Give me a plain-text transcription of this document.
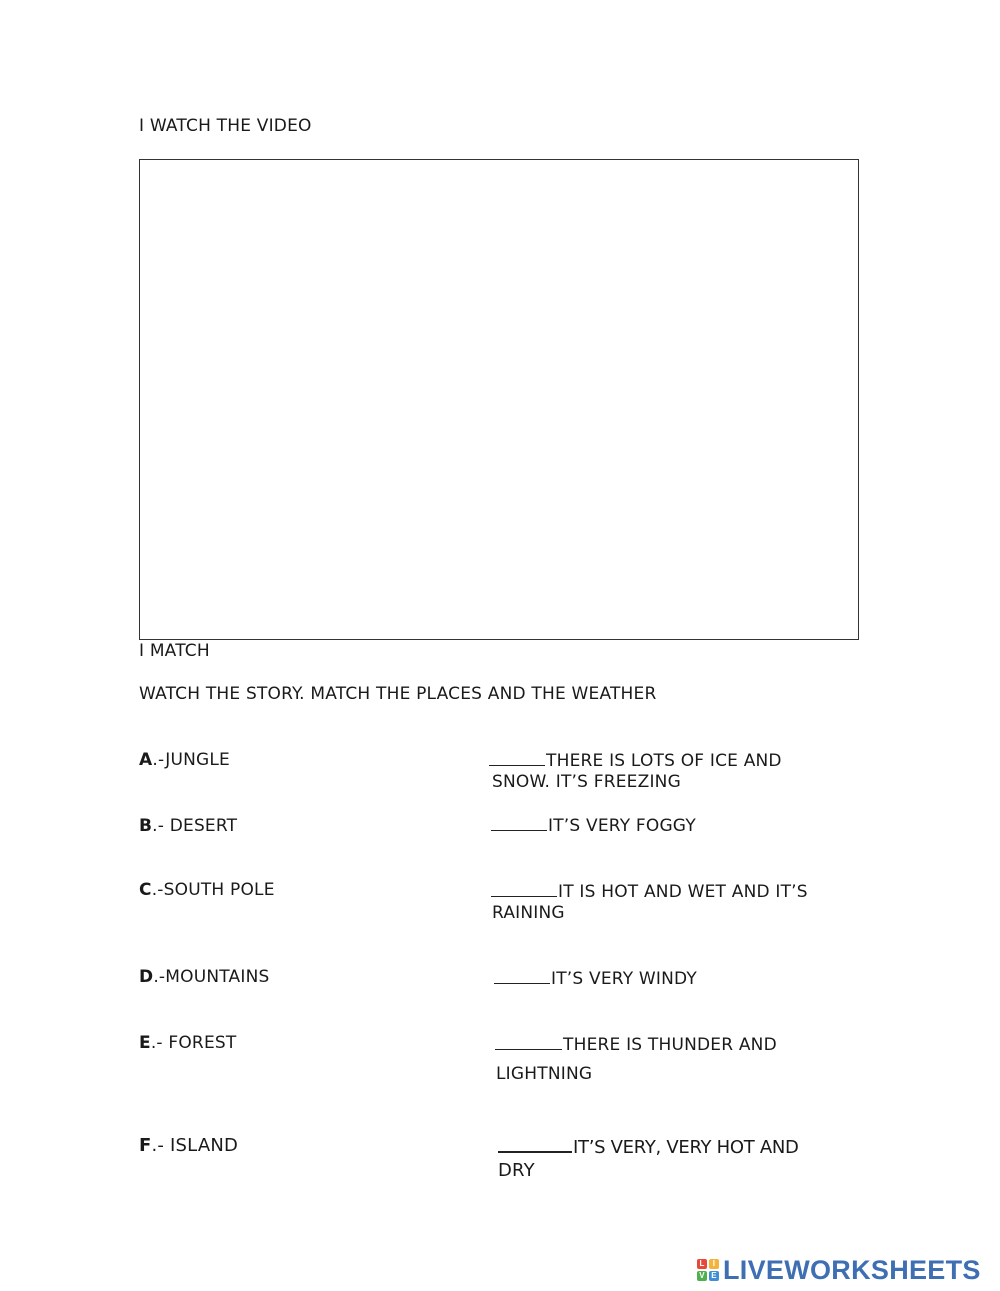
I WATCH THE VIDEO
I MATCH
WATCH THE STORY. MATCH THE PLACES AND THE WEATHER
A.-JUNGLE
B.- DESERT
C.-SOUTH POLE
D.-MOUNTAINS
E.- FOREST
F.- ISLAND
THERE IS LOTS OF ICE AND
SNOW. IT’S FREEZING
IT’S VERY FOGGY
IT IS HOT AND WET AND IT’S
RAINING
IT’S VERY WINDY
THERE IS THUNDER AND
LIGHTNING
IT’S VERY, VERY HOT AND
DRY
L	I
V E LIVEWORKSHEETS
